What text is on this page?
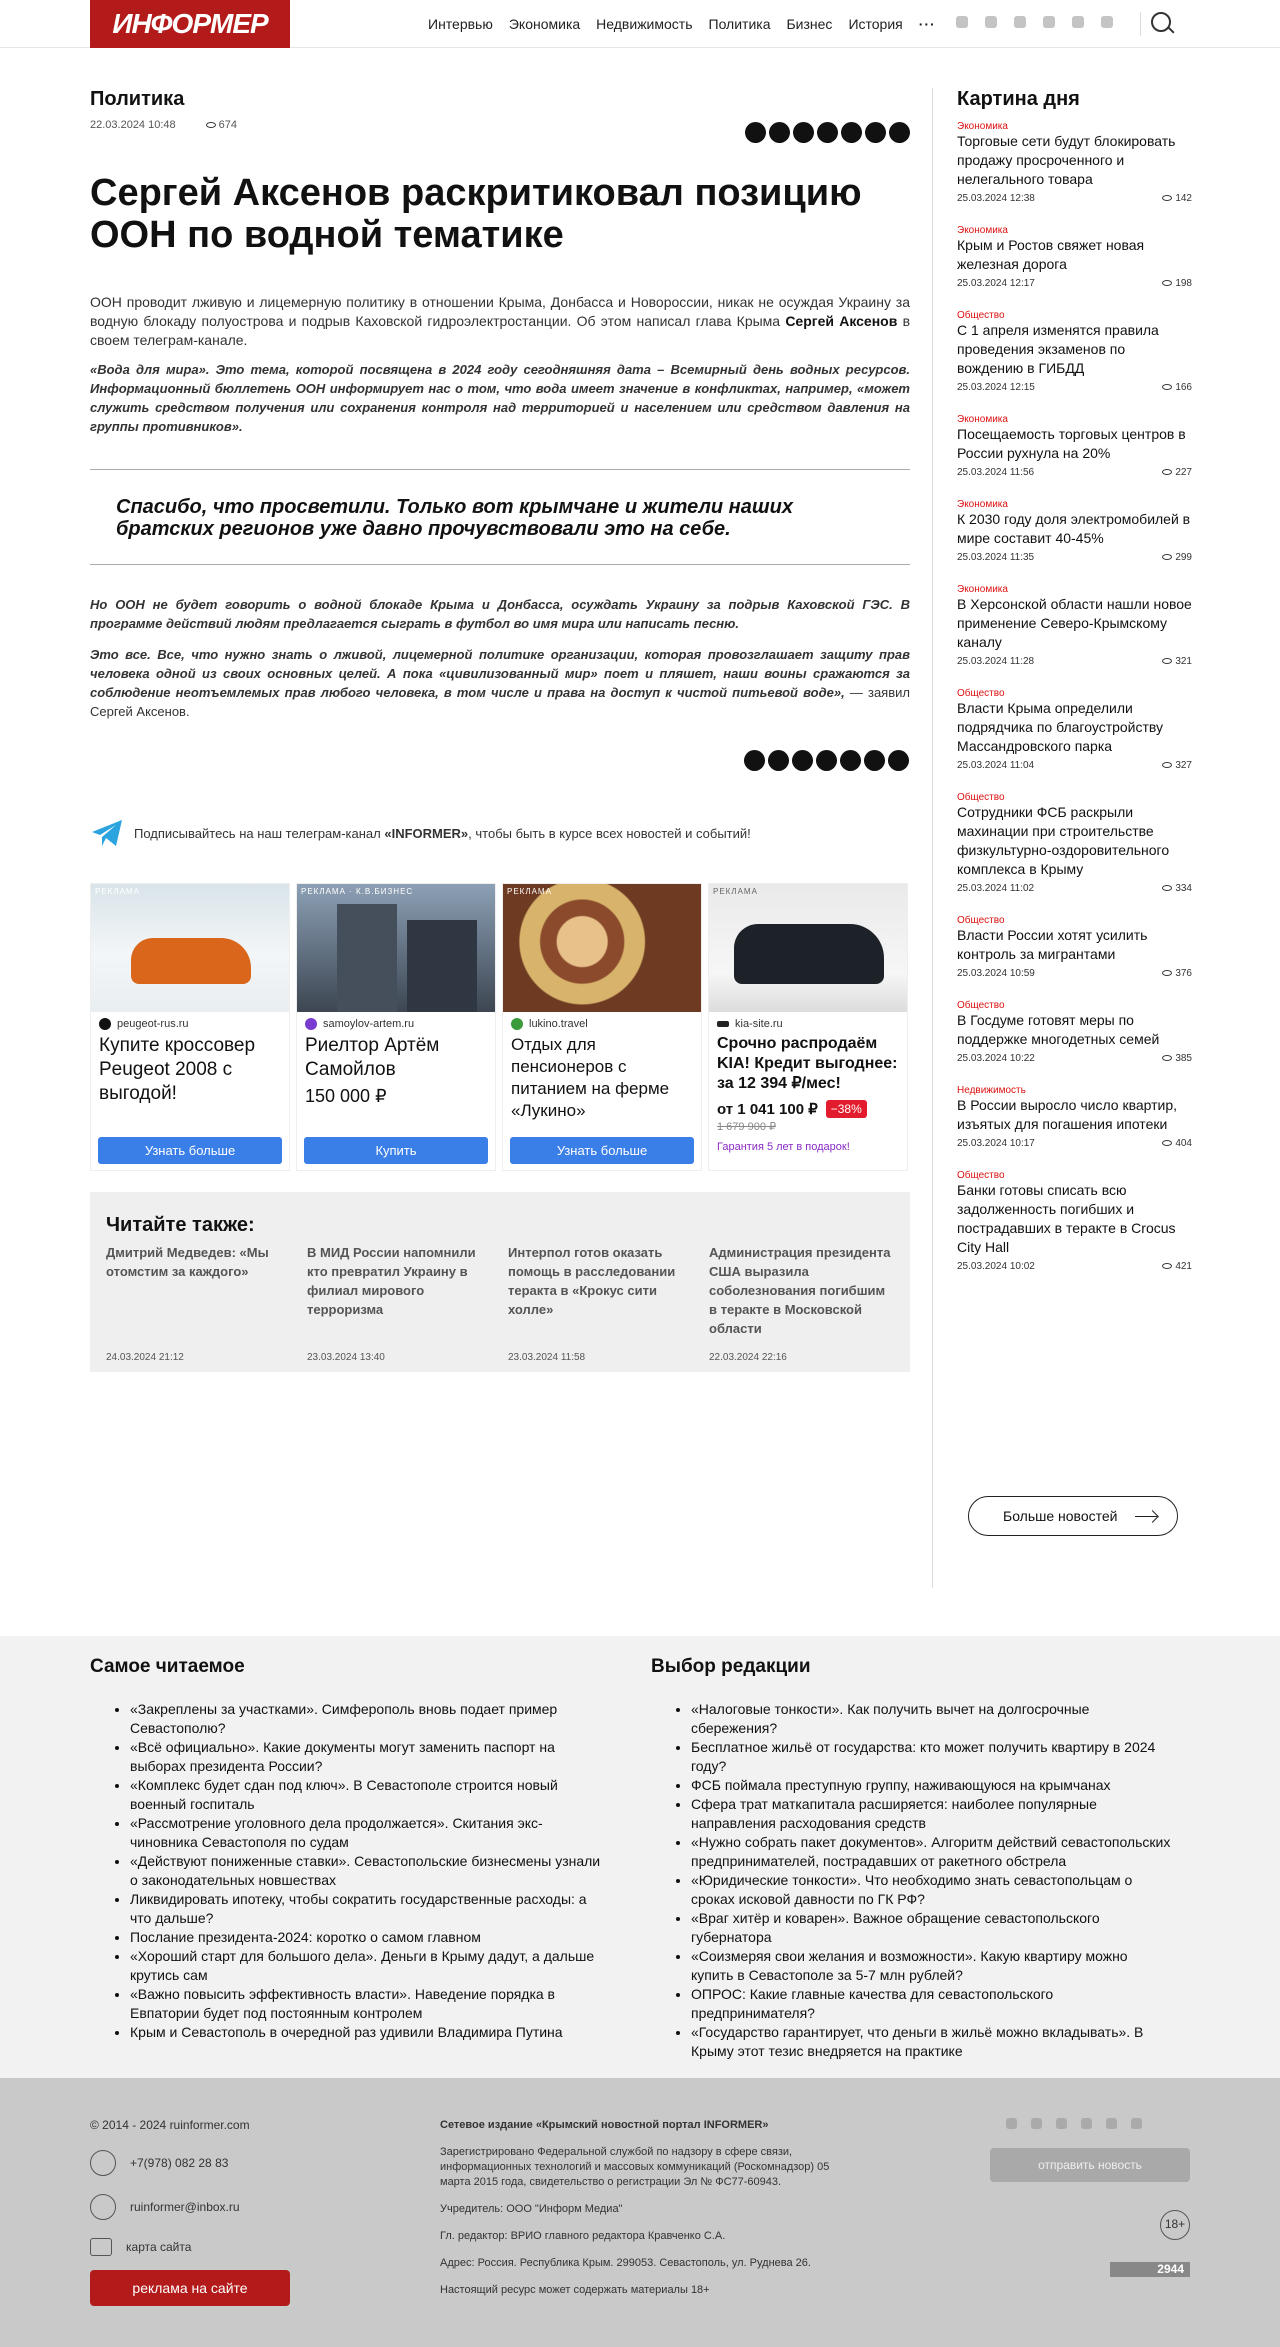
ИНФОРМЕР	Интервью Экономика Недвижимость Политика Бизнес История ···
Политика
22.03.2024 10:48	674
Сергей Аксенов раскритиковал позицию ООН по водной тематике

ООН проводит лживую и лицемерную политику в отношении Крыма, Донбасса и Новороссии, никак не осуждая Украину за водную блокаду полуострова и подрыв Каховской гидроэлектростанции. Об этом написал глава Крыма Сергей Аксенов в своем телеграм-канале.

«Вода для мира». Это тема, которой посвящена в 2024 году сегодняшняя дата – Всемирный день водных ресурсов. Информационный бюллетень ООН информирует нас о том, что вода имеет значение в конфликтах, например, «может служить средством получения или сохранения контроля над территорией и населением или средством давления на группы противников».

Спасибо, что просветили. Только вот крымчане и жители наших братских регионов уже давно прочувствовали это на себе.

Но ООН не будет говорить о водной блокаде Крыма и Донбасса, осуждать Украину за подрыв Каховской ГЭС. В программе действий людям предлагается сыграть в футбол во имя мира или написать песню.

Это все. Все, что нужно знать о лживой, лицемерной политике организации, которая провозглашает защиту прав человека одной из своих основных целей. А пока «цивилизованный мир» поет и пляшет, наши воины сражаются за соблюдение неотъемлемых прав любого человека, в том числе и права на доступ к чистой питьевой воде», — заявил Сергей Аксенов.

Подписывайтесь на наш телеграм-канал «INFORMER», чтобы быть в курсе всех новостей и событий!
РЕКЛАМА
peugeot-rus.ru
Купите кроссовер Peugeot 2008 с выгодой!
Узнать больше
РЕКЛАМА · К.В.БИЗНЕС
samoylov-artem.ru
Риелтор Артём Самойлов
150 000 ₽
Купить
РЕКЛАМА
lukino.travel
Отдых для пенсионеров с питанием на ферме «Лукино»
Узнать больше
РЕКЛАМА
kia-site.ru
Срочно распродаём KIA! Кредит выгоднее: за 12 394 ₽/мес!
от 1 041 100 ₽	−38%
1 679 900 ₽
Гарантия 5 лет в подарок!
Читайте также:
Дмитрий Медведев: «Мы отомстим за каждого»
24.03.2024 21:12
В МИД России напомнили кто превратил Украину в филиал мирового терроризма
23.03.2024 13:40
Интерпол готов оказать помощь в расследовании теракта в «Крокус сити холле»
23.03.2024 11:58
Администрация президента США выразила соболезнования погибшим в теракте в Московской области
22.03.2024 22:16
Картина дня
Экономика
Торговые сети будут блокировать продажу просроченного и нелегального товара
25.03.2024 12:38	142
Экономика
Крым и Ростов свяжет новая железная дорога
25.03.2024 12:17	198
Общество
С 1 апреля изменятся правила проведения экзаменов по вождению в ГИБДД
25.03.2024 12:15	166
Экономика
Посещаемость торговых центров в России рухнула на 20%
25.03.2024 11:56	227
Экономика
К 2030 году доля электромобилей в мире составит 40-45%
25.03.2024 11:35	299
Экономика
В Херсонской области нашли новое применение Северо-Крымскому каналу
25.03.2024 11:28	321
Общество
Власти Крыма определили подрядчика по благоустройству Массандровского парка
25.03.2024 11:04	327
Общество
Сотрудники ФСБ раскрыли махинации при строительстве физкультурно-оздоровительного комплекса в Крыму
25.03.2024 11:02	334
Общество
Власти России хотят усилить контроль за мигрантами
25.03.2024 10:59	376
Общество
В Госдуме готовят меры по поддержке многодетных семей
25.03.2024 10:22	385
Недвижимость
В России выросло число квартир, изъятых для погашения ипотеки
25.03.2024 10:17	404
Общество
Банки готовы списать всю задолженность погибших и пострадавших в теракте в Crocus City Hall
25.03.2024 10:02	421
Больше новостей
Самое читаемое
• «Закреплены за участками». Симферополь вновь подает пример Севастополю?
• «Всё официально». Какие документы могут заменить паспорт на выборах президента России?
• «Комплекс будет сдан под ключ». В Севастополе строится новый военный госпиталь
• «Рассмотрение уголовного дела продолжается». Скитания экс-чиновника Севастополя по судам
• «Действуют пониженные ставки». Севастопольские бизнесмены узнали о законодательных новшествах
• Ликвидировать ипотеку, чтобы сократить государственные расходы: а что дальше?
• Послание президента-2024: коротко о самом главном
• «Хороший старт для большого дела». Деньги в Крыму дадут, а дальше крутись сам
• «Важно повысить эффективность власти». Наведение порядка в Евпатории будет под постоянным контролем
• Крым и Севастополь в очередной раз удивили Владимира Путина
Выбор редакции
• «Налоговые тонкости». Как получить вычет на долгосрочные сбережения?
• Бесплатное жильё от государства: кто может получить квартиру в 2024 году?
• ФСБ поймала преступную группу, наживающуюся на крымчанах
• Сфера трат маткапитала расширяется: наиболее популярные направления расходования средств
• «Нужно собрать пакет документов». Алгоритм действий севастопольских предпринимателей, пострадавших от ракетного обстрела
• «Юридические тонкости». Что необходимо знать севастопольцам о сроках исковой давности по ГК РФ?
• «Враг хитёр и коварен». Важное обращение севастопольского губернатора
• «Соизмеряя свои желания и возможности». Какую квартиру можно купить в Севастополе за 5-7 млн рублей?
• ОПРОС: Какие главные качества для севастопольского предпринимателя?
• «Государство гарантирует, что деньги в жильё можно вкладывать». В Крыму этот тезис внедряется на практике
© 2014 - 2024 ruinformer.com
+7(978) 082 28 83
ruinformer@inbox.ru
карта сайта
реклама на сайте

Сетевое издание «Крымский новостной портал INFORMER»

Зарегистрировано Федеральной службой по надзору в сфере связи, информационных технологий и массовых коммуникаций (Роскомнадзор) 05 марта 2015 года, свидетельство о регистрации Эл № ФС77-60943.

Учредитель: ООО "Информ Медиа"

Гл. редактор: ВРИО главного редактора Кравченко С.А.

Адрес: Россия. Республика Крым. 299053. Севастополь, ул. Руднева 26.

Настоящий ресурс может содержать материалы 18+

отправить новость
18+
2944
